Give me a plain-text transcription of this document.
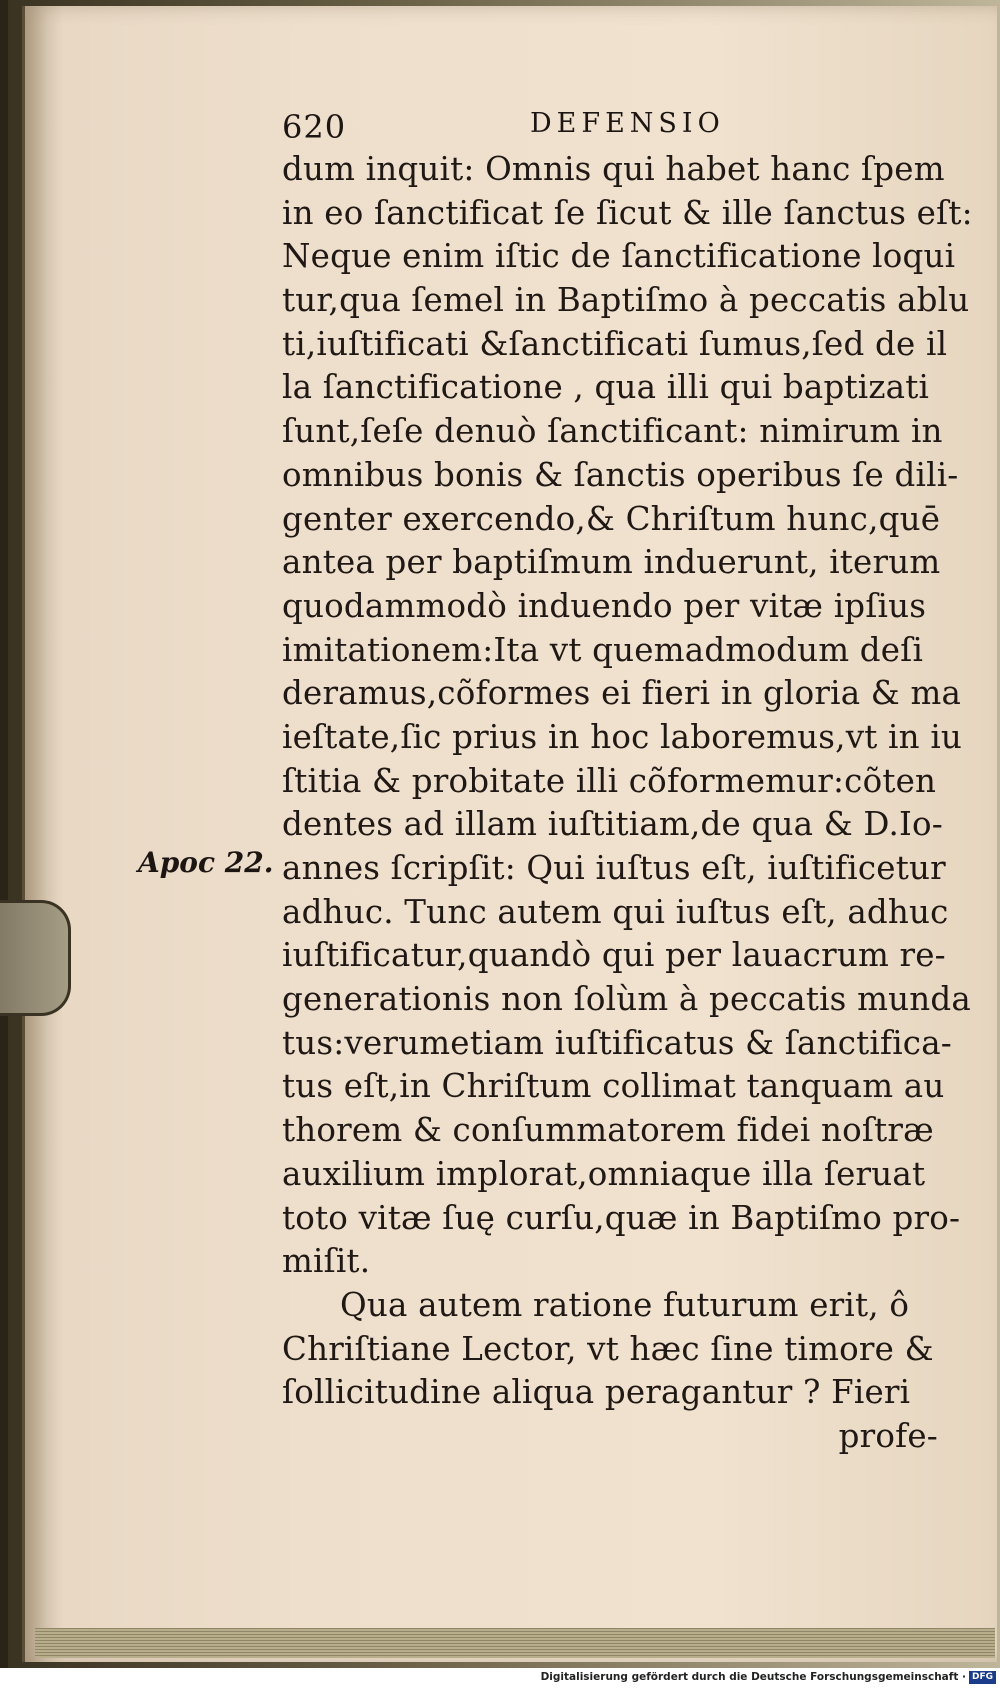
620	DEFENSIO
Apoc 22.
dum inquit: Omnis qui habet hanc ſpem
in eo ſanctificat ſe ſicut & ille ſanctus eſt:
Neque enim iſtic de ſanctificatione loqui
tur,qua ſemel in Baptiſmo à peccatis ablu
ti,iuſtificati &ſanctificati ſumus,ſed de il
la ſanctificatione , qua illi qui baptizati
ſunt,ſeſe denuò ſanctificant: nimirum in
omnibus bonis & ſanctis operibus ſe dili-
genter exercendo,& Chriſtum hunc,quē
antea per baptiſmum induerunt, iterum
quodammodò induendo per vitæ ipſius
imitationem:Ita vt quemadmodum deſi
deramus,cõformes ei fieri in gloria & ma
ieſtate,ſic prius in hoc laboremus,vt in iu
ſtitia & probitate illi cõformemur:cõten
dentes ad illam iuſtitiam,de qua & D.Io-
annes ſcripſit: Qui iuſtus eſt, iuſtificetur
adhuc. Tunc autem qui iuſtus eſt, adhuc
iuſtificatur,quandò qui per lauacrum re-
generationis non ſolùm à peccatis munda
tus:verumetiam iuſtificatus & ſanctifica-
tus eſt,in Chriſtum collimat tanquam au
thorem & conſummatorem fidei noſtræ
auxilium implorat,omniaque illa ſeruat
toto vitæ ſuę curſu,quæ in Baptiſmo pro-
miſit.
Qua autem ratione futurum erit, ô
Chriſtiane Lector, vt hæc ſine timore &
ſollicitudine aliqua peragantur ? Fieri
profe-
Digitalisierung gefördert durch die Deutsche Forschungsgemeinschaft · DFG
